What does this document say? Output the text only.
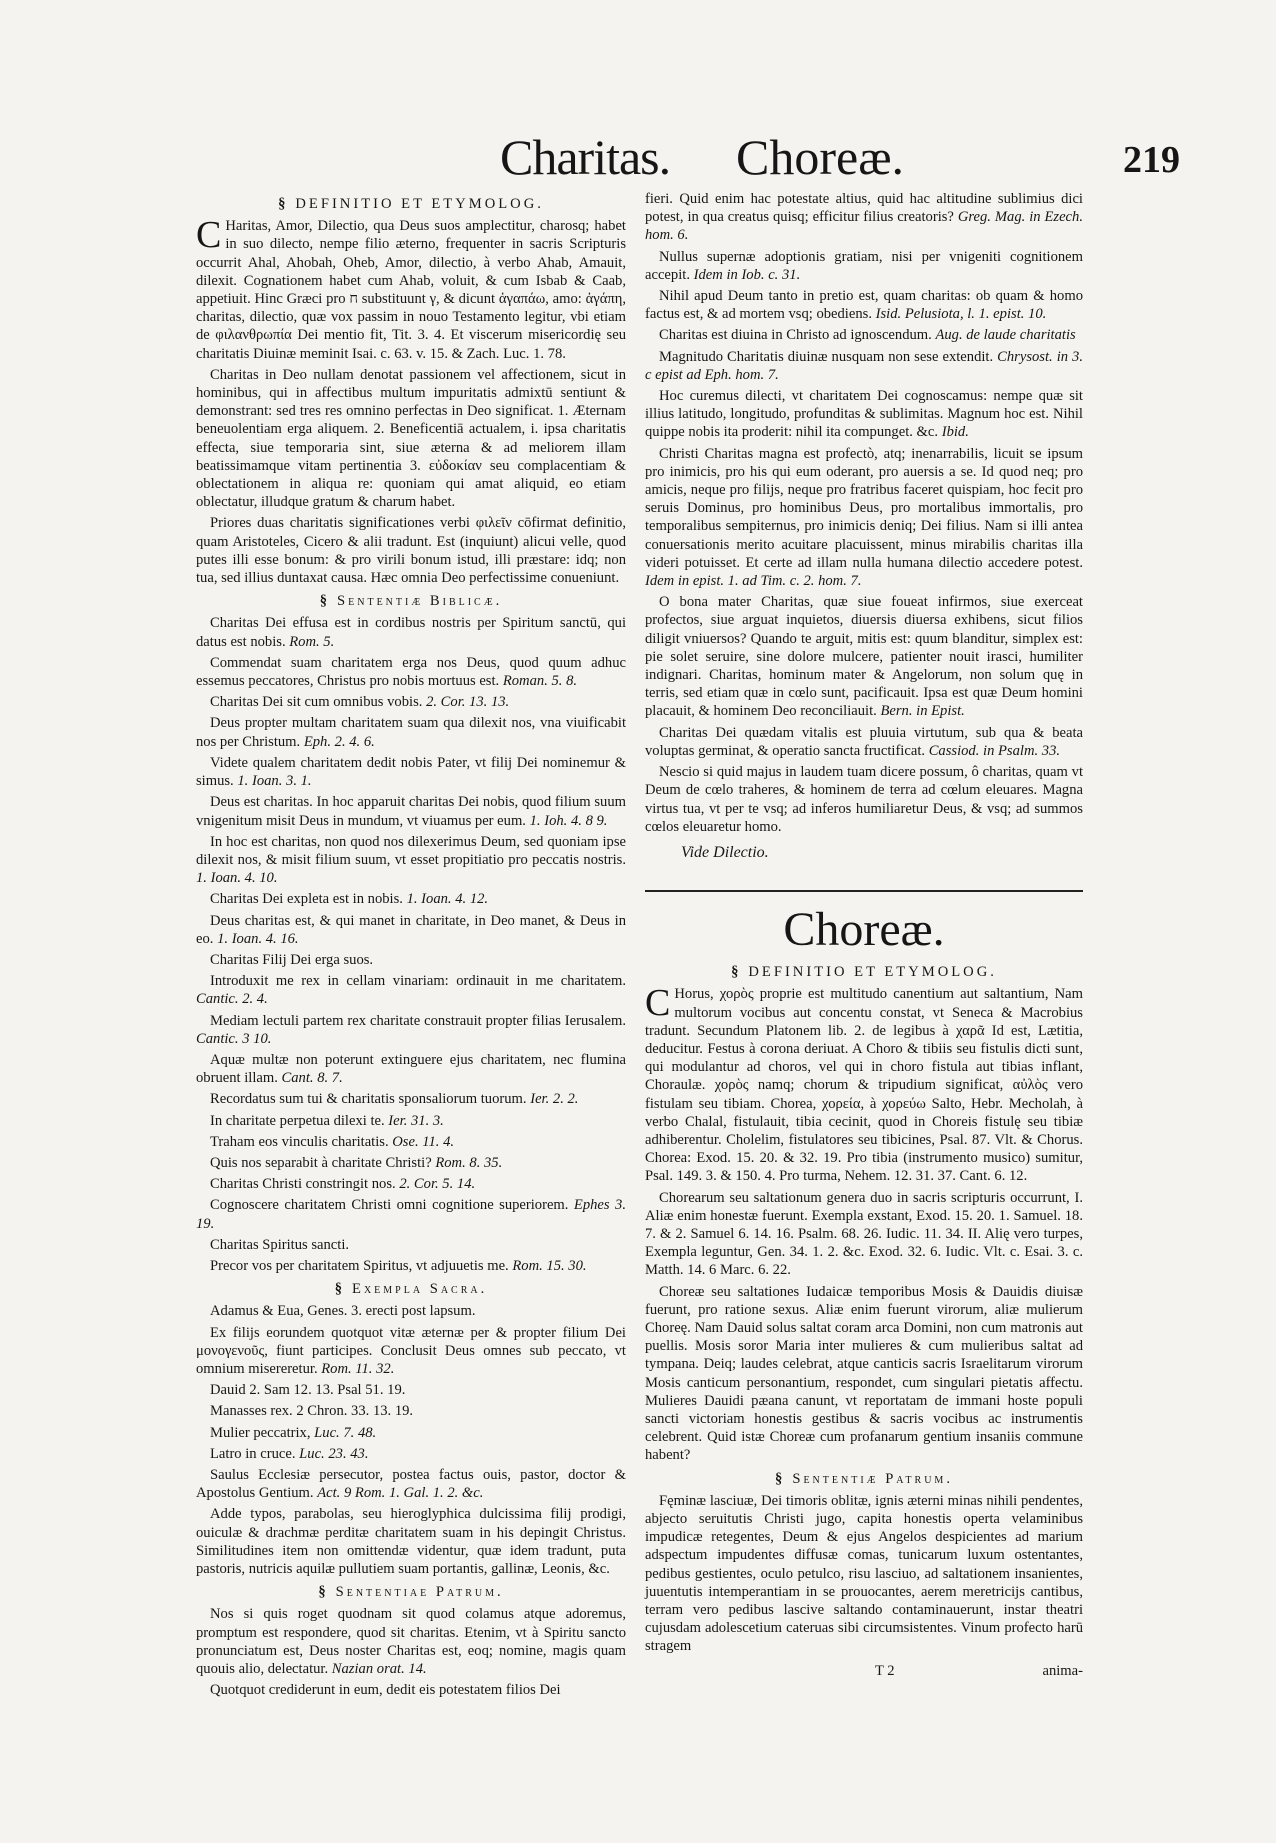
Charitas. Choreæ.	219
§ DEFINITIO ET ETYMOLOG.

C Haritas, Amor, Dilectio, qua Deus suos amplectitur, charosq; habet in suo dilecto, nempe filio æterno, frequenter in sacris Scripturis occurrit Ahal, Ahobah, Oheb, Amor, dilectio, à verbo Ahab, Amauit, dilexit. Cognationem habet cum Ahab, voluit, & cum Isbab & Caab, appetiuit. Hinc Græci pro ח substituunt γ, & dicunt ἀγαπάω, amo: ἀγάπη, charitas, dilectio, quæ vox passim in nouo Testamento legitur, vbi etiam de φιλανθρωπία Dei mentio fit, Tit. 3. 4. Et viscerum misericordię seu charitatis Diuinæ meminit Isai. c. 63. v. 15. & Zach. Luc. 1. 78.

Charitas in Deo nullam denotat passionem vel affectionem, sicut in hominibus, qui in affectibus multum impuritatis admixtū sentiunt & demonstrant: sed tres res omnino perfectas in Deo significat. 1. Æternam beneuolentiam erga aliquem. 2. Beneficentiā actualem, i. ipsa charitatis effecta, siue temporaria sint, siue æterna & ad meliorem illam beatissimamque vitam pertinentia 3. εὐδοκίαν seu complacentiam & oblectationem in aliqua re: quoniam qui amat aliquid, eo etiam oblectatur, illudque gratum & charum habet.

Priores duas charitatis significationes verbi φιλεῖν cōfirmat definitio, quam Aristoteles, Cicero & alii tradunt. Est (inquiunt) alicui velle, quod putes illi esse bonum: & pro virili bonum istud, illi præstare: idq; non tua, sed illius duntaxat causa. Hæc omnia Deo perfectissime conueniunt.

§ Sententiæ Biblicæ.

Charitas Dei effusa est in cordibus nostris per Spiritum sanctū, qui datus est nobis. Rom. 5.

Commendat suam charitatem erga nos Deus, quod quum adhuc essemus peccatores, Christus pro nobis mortuus est. Roman. 5. 8.

Charitas Dei sit cum omnibus vobis. 2. Cor. 13. 13.

Deus propter multam charitatem suam qua dilexit nos, vna viuificabit nos per Christum. Eph. 2. 4. 6.

Videte qualem charitatem dedit nobis Pater, vt filij Dei nominemur & simus. 1. Ioan. 3. 1.

Deus est charitas. In hoc apparuit charitas Dei nobis, quod filium suum vnigenitum misit Deus in mundum, vt viuamus per eum. 1. Ioh. 4. 8 9.

In hoc est charitas, non quod nos dilexerimus Deum, sed quoniam ipse dilexit nos, & misit filium suum, vt esset propitiatio pro peccatis nostris. 1. Ioan. 4. 10.

Charitas Dei expleta est in nobis. 1. Ioan. 4. 12.

Deus charitas est, & qui manet in charitate, in Deo manet, & Deus in eo. 1. Ioan. 4. 16.

Charitas Filij Dei erga suos.

Introduxit me rex in cellam vinariam: ordinauit in me charitatem. Cantic. 2. 4.

Mediam lectuli partem rex charitate constrauit propter filias Ierusalem. Cantic. 3 10.

Aquæ multæ non poterunt extinguere ejus charitatem, nec flumina obruent illam. Cant. 8. 7.

Recordatus sum tui & charitatis sponsaliorum tuorum. Ier. 2. 2.

In charitate perpetua dilexi te. Ier. 31. 3.

Traham eos vinculis charitatis. Ose. 11. 4.

Quis nos separabit à charitate Christi? Rom. 8. 35.

Charitas Christi constringit nos. 2. Cor. 5. 14.

Cognoscere charitatem Christi omni cognitione superiorem. Ephes 3. 19.

Charitas Spiritus sancti.

Precor vos per charitatem Spiritus, vt adjuuetis me. Rom. 15. 30.

§ Exempla Sacra.

Adamus & Eua, Genes. 3. erecti post lapsum.

Ex filijs eorundem quotquot vitæ æternæ per & propter filium Dei μονογενοῦς, fiunt participes. Conclusit Deus omnes sub peccato, vt omnium misereretur. Rom. 11. 32.

Dauid 2. Sam 12. 13. Psal 51. 19.

Manasses rex. 2 Chron. 33. 13. 19.

Mulier peccatrix, Luc. 7. 48.

Latro in cruce. Luc. 23. 43.

Saulus Ecclesiæ persecutor, postea factus ouis, pastor, doctor & Apostolus Gentium. Act. 9 Rom. 1. Gal. 1. 2. &c.

Adde typos, parabolas, seu hieroglyphica dulcissima filij prodigi, ouiculæ & drachmæ perditæ charitatem suam in his depingit Christus. Similitudines item non omittendæ videntur, quæ idem tradunt, puta pastoris, nutricis aquilæ pullutiem suam portantis, gallinæ, Leonis, &c.

§ Sententiae Patrum.

Nos si quis roget quodnam sit quod colamus atque adoremus, promptum est respondere, quod sit charitas. Etenim, vt à Spiritu sancto pronunciatum est, Deus noster Charitas est, eoq; nomine, magis quam quouis alio, delectatur. Nazian orat. 14.

Quotquot crediderunt in eum, dedit eis potestatem filios Dei

fieri. Quid enim hac potestate altius, quid hac altitudine sublimius dici potest, in qua creatus quisq; efficitur filius creatoris? Greg. Mag. in Ezech. hom. 6.

Nullus supernæ adoptionis gratiam, nisi per vnigeniti cognitionem accepit. Idem in Iob. c. 31.

Nihil apud Deum tanto in pretio est, quam charitas: ob quam & homo factus est, & ad mortem vsq; obediens. Isid. Pelusiota, l. 1. epist. 10.

Charitas est diuina in Christo ad ignoscendum. Aug. de laude charitatis

Magnitudo Charitatis diuinæ nusquam non sese extendit. Chrysost. in 3. c epist ad Eph. hom. 7.

Hoc curemus dilecti, vt charitatem Dei cognoscamus: nempe quæ sit illius latitudo, longitudo, profunditas & sublimitas. Magnum hoc est. Nihil quippe nobis ita proderit: nihil ita compunget. &c. Ibid.

Christi Charitas magna est profectò, atq; inenarrabilis, licuit se ipsum pro inimicis, pro his qui eum oderant, pro auersis a se. Id quod neq; pro amicis, neque pro filijs, neque pro fratribus faceret quispiam, hoc fecit pro seruis Dominus, pro hominibus Deus, pro mortalibus immortalis, pro temporalibus sempiternus, pro inimicis deniq; Dei filius. Nam si illi antea conuersationis merito acuitare placuissent, minus mirabilis charitas illa videri potuisset. Et certe ad illam nulla humana dilectio accedere potest. Idem in epist. 1. ad Tim. c. 2. hom. 7.

O bona mater Charitas, quæ siue foueat infirmos, siue exerceat profectos, siue arguat inquietos, diuersis diuersa exhibens, sicut filios diligit vniuersos? Quando te arguit, mitis est: quum blanditur, simplex est: pie solet seruire, sine dolore mulcere, patienter nouit irasci, humiliter indignari. Charitas, hominum mater & Angelorum, non solum quę in terris, sed etiam quæ in cœlo sunt, pacificauit. Ipsa est quæ Deum homini placauit, & hominem Deo reconciliauit. Bern. in Epist.

Charitas Dei quædam vitalis est pluuia virtutum, sub qua & beata voluptas germinat, & operatio sancta fructificat. Cassiod. in Psalm. 33.

Nescio si quid majus in laudem tuam dicere possum, ô charitas, quam vt Deum de cœlo traheres, & hominem de terra ad cœlum eleuares. Magna virtus tua, vt per te vsq; ad inferos humiliaretur Deus, & vsq; ad summos cœlos eleuaretur homo.

Vide Dilectio.
Choreæ.
§ DEFINITIO ET ETYMOLOG.

C Horus, χορὸς proprie est multitudo canentium aut saltantium, Nam multorum vocibus aut concentu constat, vt Seneca & Macrobius tradunt. Secundum Platonem lib. 2. de legibus à χαρᾶ Id est, Lætitia, deducitur. Festus à corona deriuat. A Choro & tibiis seu fistulis dicti sunt, qui modulantur ad choros, vel qui in choro fistula aut tibias inflant, Choraulæ. χορὸς namq; chorum & tripudium significat, αὐλὸς vero fistulam seu tibiam. Chorea, χορεία, à χορεύω Salto, Hebr. Mecholah, à verbo Chalal, fistulauit, tibia cecinit, quod in Choreis fistulę seu tibiæ adhiberentur. Cholelim, fistulatores seu tibicines, Psal. 87. Vlt. & Chorus. Chorea: Exod. 15. 20. & 32. 19. Pro tibia (instrumento musico) sumitur, Psal. 149. 3. & 150. 4. Pro turma, Nehem. 12. 31. 37. Cant. 6. 12.

Chorearum seu saltationum genera duo in sacris scripturis occurrunt, I. Aliæ enim honestæ fuerunt. Exempla exstant, Exod. 15. 20. 1. Samuel. 18. 7. & 2. Samuel 6. 14. 16. Psalm. 68. 26. Iudic. 11. 34. II. Alię vero turpes, Exempla leguntur, Gen. 34. 1. 2. &c. Exod. 32. 6. Iudic. Vlt. c. Esai. 3. c. Matth. 14. 6 Marc. 6. 22.

Choreæ seu saltationes Iudaicæ temporibus Mosis & Dauidis diuisæ fuerunt, pro ratione sexus. Aliæ enim fuerunt virorum, aliæ mulierum Choreę. Nam Dauid solus saltat coram arca Domini, non cum matronis aut puellis. Mosis soror Maria inter mulieres & cum mulieribus saltat ad tympana. Deiq; laudes celebrat, atque canticis sacris Israelitarum virorum Mosis canticum personantium, respondet, cum singulari pietatis affectu. Mulieres Dauidi pæana canunt, vt reportatam de immani hoste populi sancti victoriam honestis gestibus & sacris vocibus ac instrumentis celebrent. Quid istæ Choreæ cum profanarum gentium insaniis commune habent?

§ Sententiæ Patrum.

Fęminæ lasciuæ, Dei timoris oblitæ, ignis æterni minas nihili pendentes, abjecto seruitutis Christi jugo, capita honestis operta velaminibus impudicæ retegentes, Deum & ejus Angelos despicientes ad marium adspectum impudentes diffusæ comas, tunicarum luxum ostentantes, pedibus gestientes, oculo petulco, risu lasciuo, ad saltationem insanientes, juuentutis intemperantiam in se prouocantes, aerem meretricijs cantibus, terram vero pedibus lascive saltando contaminauerunt, instar theatri cujusdam adolescetium cateruas sibi circumsistentes. Vinum profecto harū stragem

T 2	anima-
